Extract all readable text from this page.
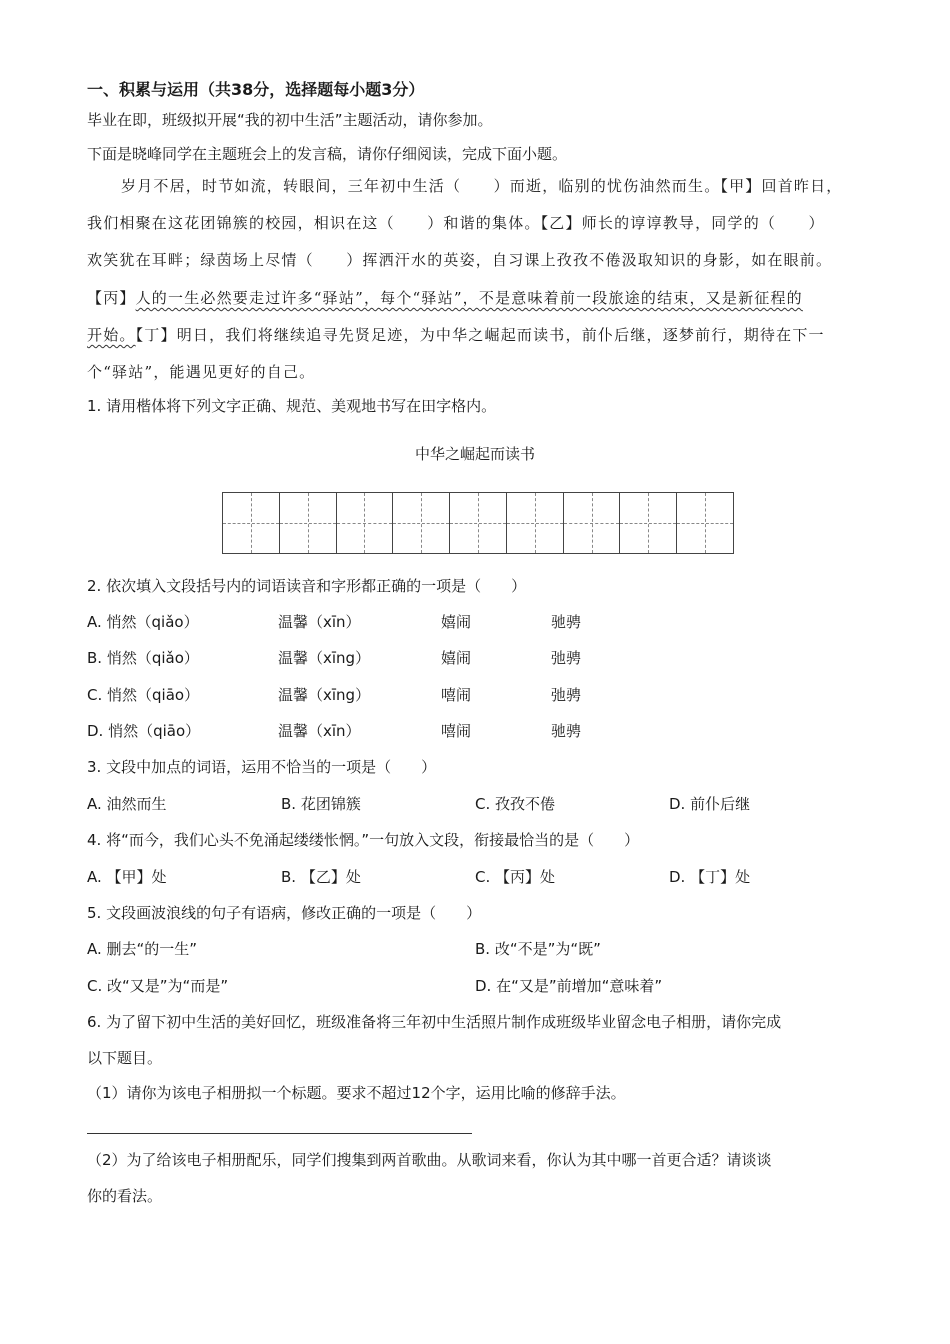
一、积累与运用（共38分，选择题每小题3分）
毕业在即，班级拟开展“我的初中生活”主题活动，请你参加。
下面是晓峰同学在主题班会上的发言稿，请你仔细阅读，完成下面小题。
岁月不居，时节如流，转眼间，三年初中生活（　　）而逝，临别的忧伤油然而生。【甲】回首昨日，
我们相聚在这花团锦簇的校园，相识在这（　　）和谐的集体。【乙】师长的谆谆教导，同学的（　　）
欢笑犹在耳畔；绿茵场上尽情（　　）挥洒汗水的英姿，自习课上孜孜不倦汲取知识的身影，如在眼前。
【丙】人的一生必然要走过许多“驿站”，每个“驿站”，不是意味着前一段旅途的结束，又是新征程的
开始。【丁】明日，我们将继续追寻先贤足迹，为中华之崛起而读书，前仆后继，逐梦前行，期待在下一
个“驿站”，能遇见更好的自己。
1. 请用楷体将下列文字正确、规范、美观地书写在田字格内。
中华之崛起而读书
2. 依次填入文段括号内的词语读音和字形都正确的一项是（　　）
A. 悄然（qiǎo）	温馨（xīn）	嬉闹	驰骋
B. 悄然（qiǎo）	温馨（xīng）	嬉闹	弛骋
C. 悄然（qiāo）	温馨（xīng）	嘻闹	弛骋
D. 悄然（qiāo）	温馨（xīn）	嘻闹	驰骋
3. 文段中加点的词语，运用不恰当的一项是（　　）
A. 油然而生	B. 花团锦簇	C. 孜孜不倦	D. 前仆后继
4. 将“而今，我们心头不免涌起缕缕怅惘。”一句放入文段，衔接最恰当的是（　　）
A. 【甲】处	B. 【乙】处	C. 【丙】处	D. 【丁】处
5. 文段画波浪线的句子有语病，修改正确的一项是（　　）
A. 删去“的一生”	B. 改“不是”为“既”
C. 改“又是”为“而是”	D. 在“又是”前增加“意味着”
6. 为了留下初中生活的美好回忆，班级准备将三年初中生活照片制作成班级毕业留念电子相册，请你完成
以下题目。
（1）请你为该电子相册拟一个标题。要求不超过12个字，运用比喻的修辞手法。
（2）为了给该电子相册配乐，同学们搜集到两首歌曲。从歌词来看，你认为其中哪一首更合适？请谈谈
你的看法。
